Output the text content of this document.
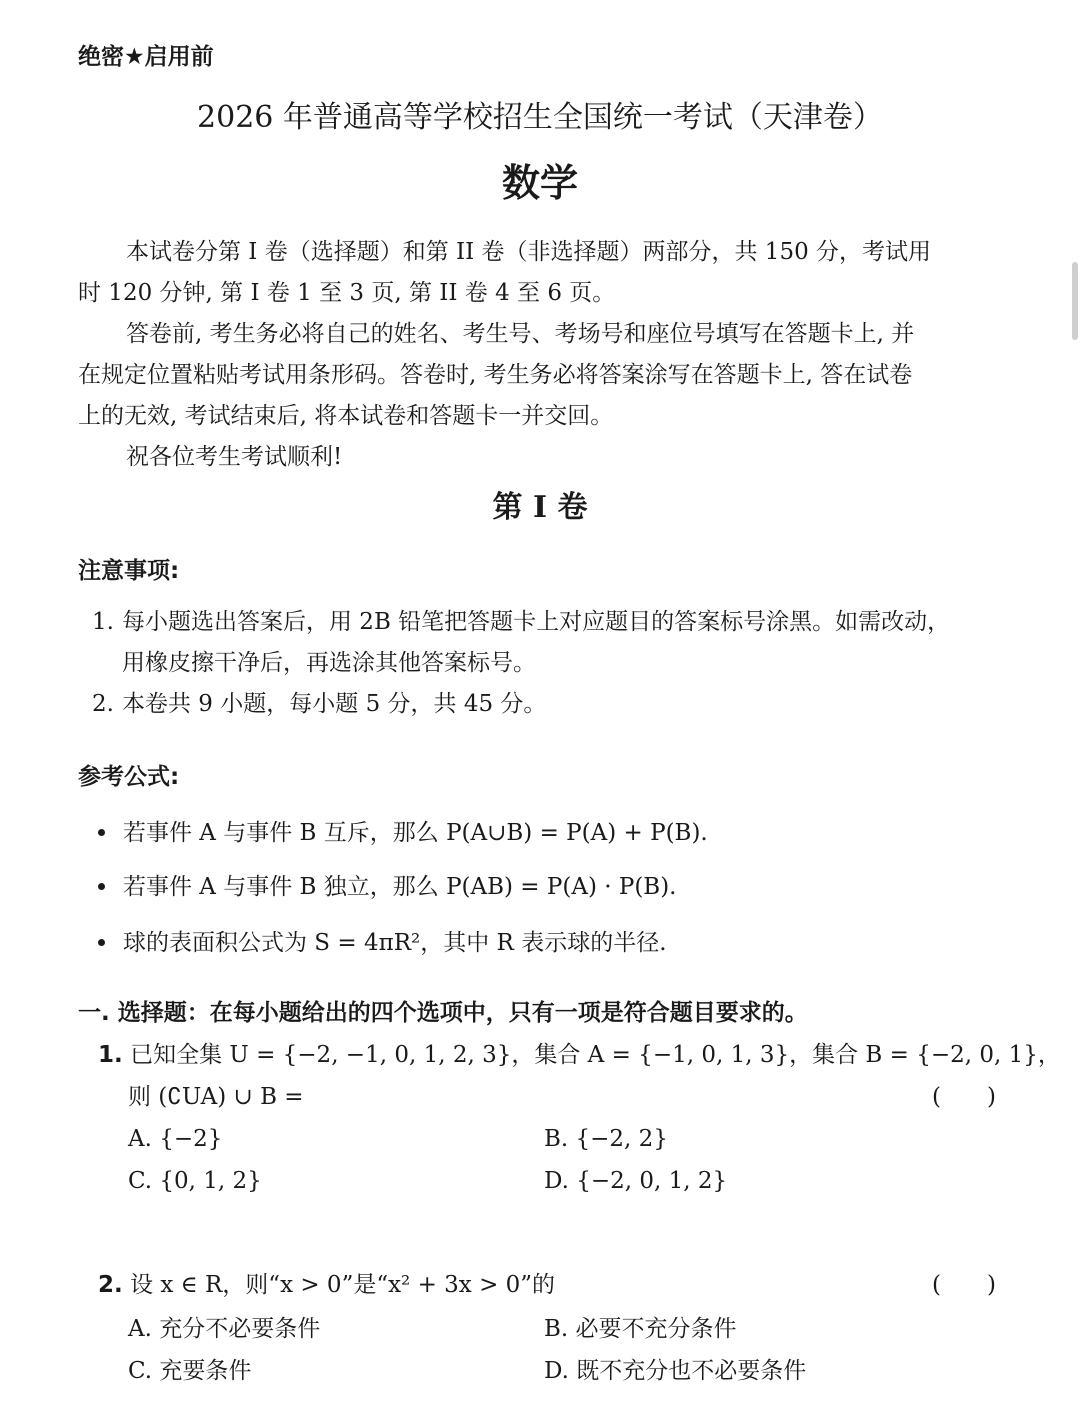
绝密★启用前
2026 年普通高等学校招生全国统一考试（天津卷）
数学

本试卷分第 I 卷（选择题）和第 II 卷（非选择题）两部分，共 150 分，考试用

时 120 分钟, 第 I 卷 1 至 3 页, 第 II 卷 4 至 6 页。

答卷前, 考生务必将自己的姓名、考生号、考场号和座位号填写在答题卡上, 并

在规定位置粘贴考试用条形码。答卷时, 考生务必将答案涂写在答题卡上, 答在试卷

上的无效, 考试结束后, 将本试卷和答题卡一并交回。

祝各位考生考试顺利!

第 I 卷
注意事项:
1. 每小题选出答案后，用 2B 铅笔把答题卡上对应题目的答案标号涂黑。如需改动，
用橡皮擦干净后，再选涂其他答案标号。
2. 本卷共 9 小题，每小题 5 分，共 45 分。
参考公式:
若事件 A 与事件 B 互斥，那么 P(A∪B) = P(A) + P(B).
若事件 A 与事件 B 独立，那么 P(AB) = P(A) · P(B).
球的表面积公式为 S = 4πR²，其中 R 表示球的半径.
一. 选择题：在每小题给出的四个选项中，只有一项是符合题目要求的。
1. 已知全集 U = {−2, −1, 0, 1, 2, 3}，集合 A = {−1, 0, 1, 3}，集合 B = {−2, 0, 1}，
则 (∁UA) ∪ B =	(　　)
A. {−2}	B. {−2, 2}
C. {0, 1, 2}	D. {−2, 0, 1, 2}
2. 设 x ∈ R，则“x > 0”是“x² + 3x > 0”的	(　　)
A. 充分不必要条件	B. 必要不充分条件
C. 充要条件	D. 既不充分也不必要条件
